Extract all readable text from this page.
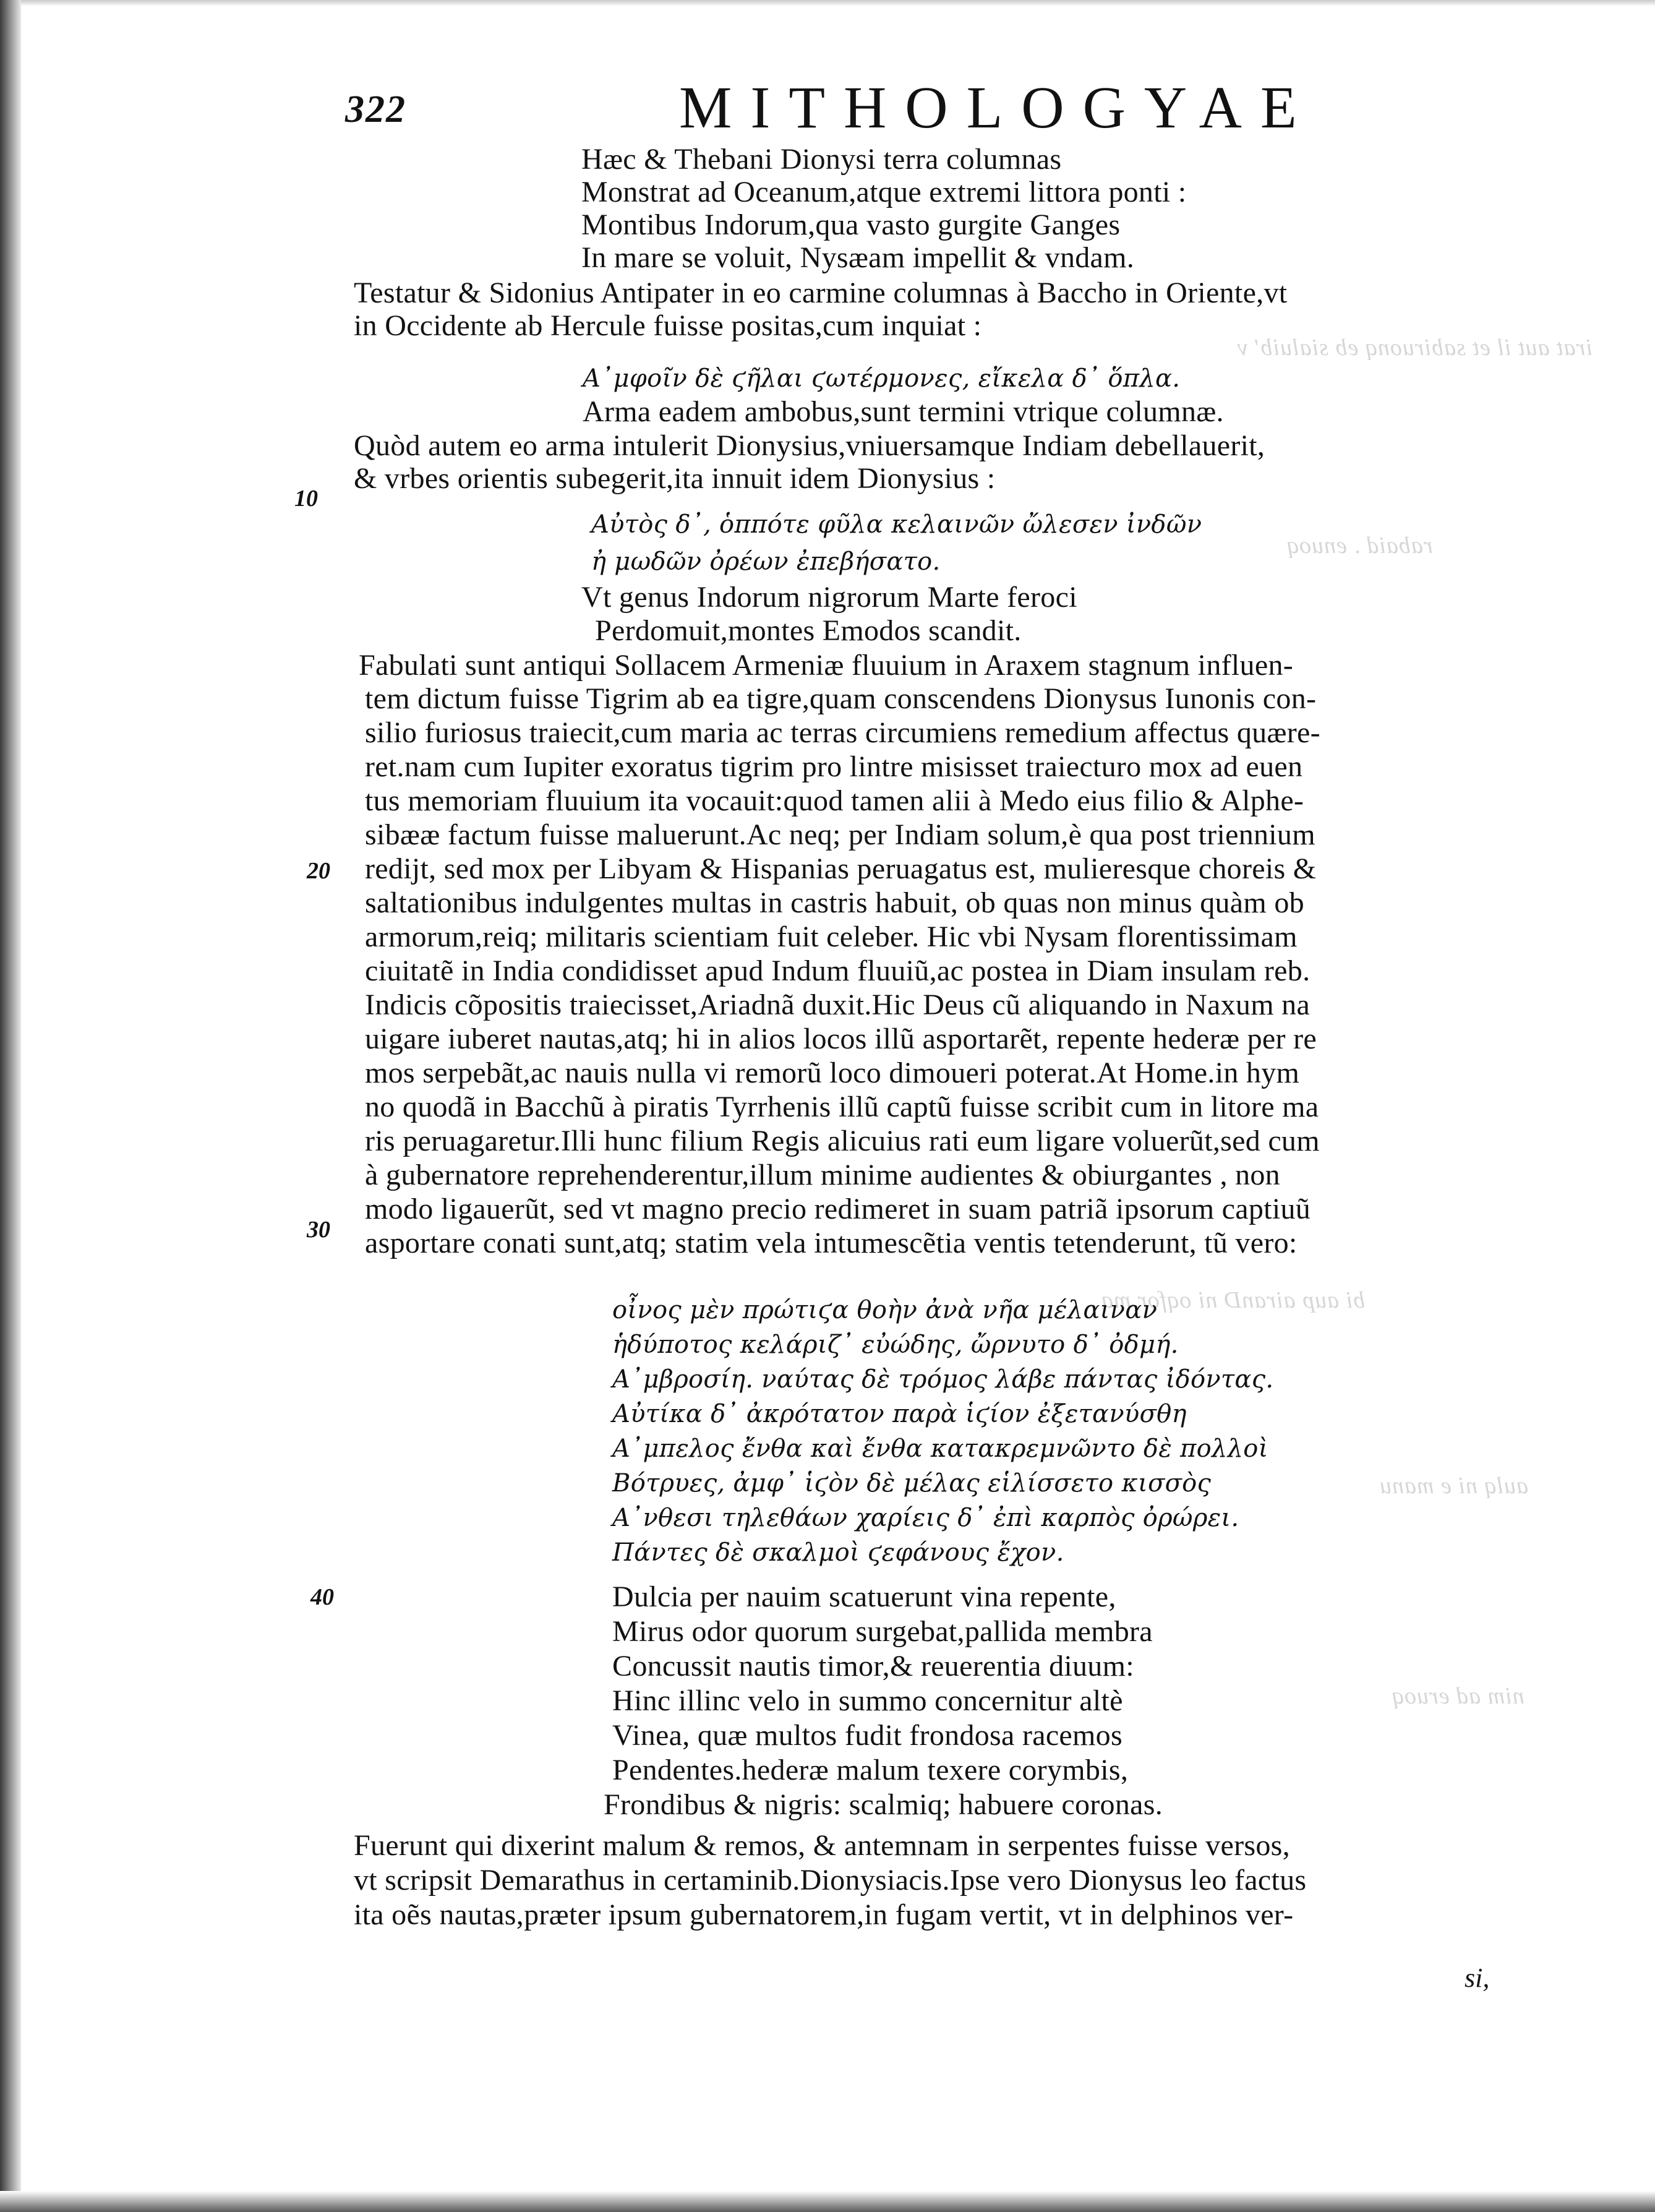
irat aut il et sabiruonq eb sialuib' ν
rabaid . enuoq
bi aup airanD ni oqfor ma
aulq ni e manu
nim ad eruoq
322	MITHOLOGYAE
Hæc & Thebani Dionysi terra columnas
Monstrat ad Oceanum,atque extremi littora ponti :
Montibus Indorum,qua vasto gurgite Ganges
In mare se voluit, Nysæam impellit & vndam.
Testatur & Sidonius Antipater in eo carmine columnas à Baccho in Oriente,vt
in Occidente ab Hercule fuisse positas,cum inquiat :
Α᾿μφοῖν δὲ ϛῆλαι ϛωτέρμονες, εἴκελα δ᾿ ὅπλα.
Arma eadem ambobus,sunt termini vtrique columnæ.
Quòd autem eo arma intulerit Dionysius,vniuersamque Indiam debellauerit,
& vrbes orientis subegerit,ita innuit idem Dionysius :
10
Αὐτὸς δ᾿, ὁππότε φῦλα κελαινῶν ὤλεσεν ἰνδῶν
ἠ μωδῶν ὀρέων ἐπεβήσατο.
Vt genus Indorum nigrorum Marte feroci
Perdomuit,montes Emodos scandit.
Fabulati sunt antiqui Sollacem Armeniæ fluuium in Araxem stagnum influen-
tem dictum fuisse Tigrim ab ea tigre,quam conscendens Dionysus Iunonis con-
silio furiosus traiecit,cum maria ac terras circumiens remedium affectus quære-
ret.nam cum Iupiter exoratus tigrim pro lintre misisset traiecturo mox ad euen
tus memoriam fluuium ita vocauit:quod tamen alii à Medo eius filio & Alphe-
sibææ factum fuisse maluerunt.Ac neq; per Indiam solum,è qua post triennium
20 redijt, sed mox per Libyam & Hispanias peruagatus est, mulieresque choreis &
saltationibus indulgentes multas in castris habuit, ob quas non minus quàm ob
armorum,reiq; militaris scientiam fuit celeber. Hic vbi Nysam florentissimam
ciuitatẽ in India condidisset apud Indum fluuiũ,ac postea in Diam insulam reb.
Indicis cõpositis traiecisset,Ariadnã duxit.Hic Deus cũ aliquando in Naxum na
uigare iuberet nautas,atq; hi in alios locos illũ asportarẽt, repente hederæ per re
mos serpebãt,ac nauis nulla vi remorũ loco dimoueri poterat.At Home.in hym
no quodã in Bacchũ à piratis Tyrrhenis illũ captũ fuisse scribit cum in litore ma
ris peruagaretur.Illi hunc filium Regis alicuius rati eum ligare voluerũt,sed cum
à gubernatore reprehenderentur,illum minime audientes & obiurgantes , non
30
modo ligauerũt, sed vt magno precio redimeret in suam patriã ipsorum captiuũ
asportare conati sunt,atq; statim vela intumescẽtia ventis tetenderunt, tũ vero:
οἶνος μὲν πρώτιϛα θοὴν ἀνὰ νῆα μέλαιναν
ἡδύποτος κελάριζ᾿ εὐώδης, ὤρνυτο δ᾿ ὀδμή.
Α᾿μβροσίη. ναύτας δὲ τρόμος λάβε πάντας ἰδόντας.
Αὐτίκα δ᾿ ἀκρότατον παρὰ ἱϛίον ἐξετανύσθη
Α᾿μπελος ἔνθα καὶ ἔνθα κατακρεμνῶντο δὲ πολλοὶ
Βότρυες, ἀμφ᾿ ἱϛὸν δὲ μέλας εἱλίσσετο κισσὸς
Α᾿νθεσι τηλεθάων χαρίεις δ᾿ ἐπὶ καρπὸς ὀρώρει.
Πάντες δὲ σκαλμοὶ ϛεφάνους ἔχον.
40	Dulcia per nauim scatuerunt vina repente,
Mirus odor quorum surgebat,pallida membra
Concussit nautis timor,& reuerentia diuum:
Hinc illinc velo in summo concernitur altè
Vinea, quæ multos fudit frondosa racemos
Pendentes.hederæ malum texere corymbis,
Frondibus & nigris: scalmiq; habuere coronas.
Fuerunt qui dixerint malum & remos, & antemnam in serpentes fuisse versos,
vt scripsit Demarathus in certaminib.Dionysiacis.Ipse vero Dionysus leo factus
ita oẽs nautas,præter ipsum gubernatorem,in fugam vertit, vt in delphinos ver-
si,
